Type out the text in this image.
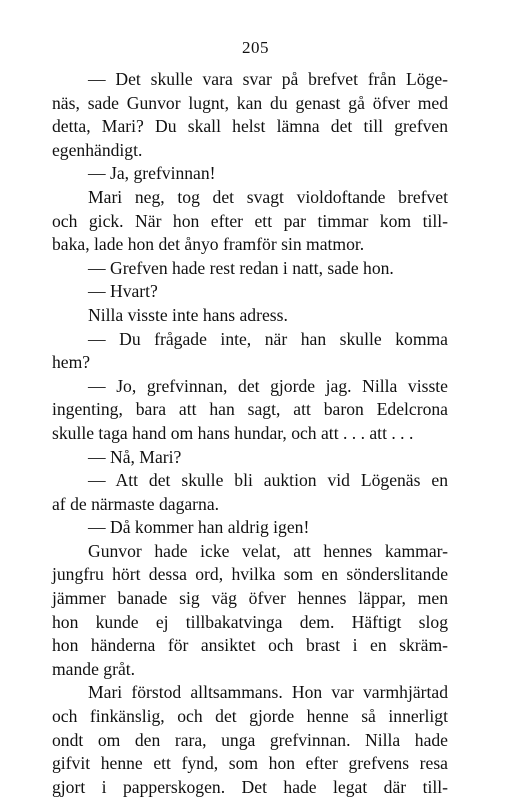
205
— Det skulle vara svar på brefvet från Löge-
näs, sade Gunvor lugnt, kan du genast gå öfver med
detta, Mari? Du skall helst lämna det till grefven
egenhändigt.
— Ja, grefvinnan!
Mari neg, tog det svagt violdoftande brefvet
och gick. När hon efter ett par timmar kom till-
baka, lade hon det ånyo framför sin matmor.
— Grefven hade rest redan i natt, sade hon.
— Hvart?
Nilla visste inte hans adress.
— Du frågade inte, när han skulle komma
hem?
— Jo, grefvinnan, det gjorde jag. Nilla visste
ingenting, bara att han sagt, att baron Edelcrona
skulle taga hand om hans hundar, och att . . . att . . .
— Nå, Mari?
— Att det skulle bli auktion vid Lögenäs en
af de närmaste dagarna.
— Då kommer han aldrig igen!
Gunvor hade icke velat, att hennes kammar-
jungfru hört dessa ord, hvilka som en sönderslitande
jämmer banade sig väg öfver hennes läppar, men
hon kunde ej tillbakatvinga dem. Häftigt slog
hon händerna för ansiktet och brast i en skräm-
mande gråt.
Mari förstod alltsammans. Hon var varmhjärtad
och finkänslig, och det gjorde henne så innerligt
ondt om den rara, unga grefvinnan. Nilla hade
gifvit henne ett fynd, som hon efter grefvens resa
gjort i papperskogen. Det hade legat där till-
